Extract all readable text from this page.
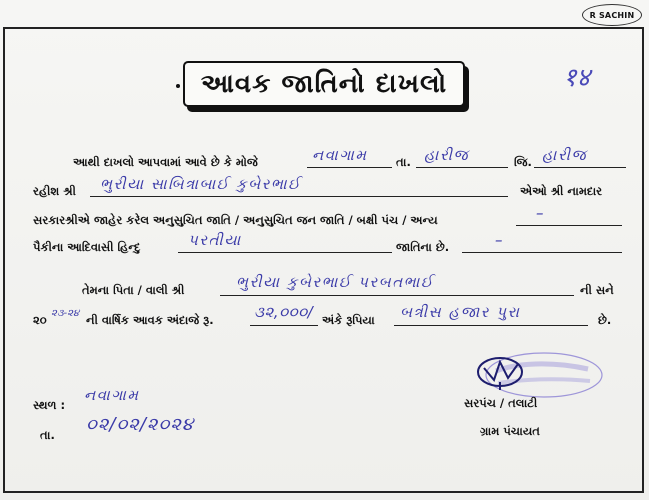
R SACHIN
આવક જાતિનો દાખલો	१४
આથી દાખલો આપવામાં આવે છે કે મોજે	નવાગામ તા. હારીજ	જિ. હારીજ
રહીશ શ્રી ભુરીયા સાબિત્રાબાઈ કુબેરભાઈ	એઓ શ્રી નામદાર
સરકારશ્રીએ જાહેર કરેલ અનુસુચિત જાતિ / અનુસુચિત જન જાતિ / બક્ષી પંચ / અન્ય	–
પૈકીના આદિવાસી હિન્દુ	પરતીયા	જાતિના છે.	–
તેમના પિતા / વાલી શ્રી	ભુરીયા કુબેરભાઈ પરબતભાઈ	ની સને
૨૦ ૨૩-૨૪ ની વાર્ષિક આવક અંદાજે રૂ.	૩૨,૦૦૦/ અંકે રૂપિયા બત્રીસ હજાર પુરા	છે.
સ્થળ :
નવાગામ
તા. ૦૨/૦૨/૨૦૨૪
સરપંચ / તલાટી
ગ્રામ પંચાયત
